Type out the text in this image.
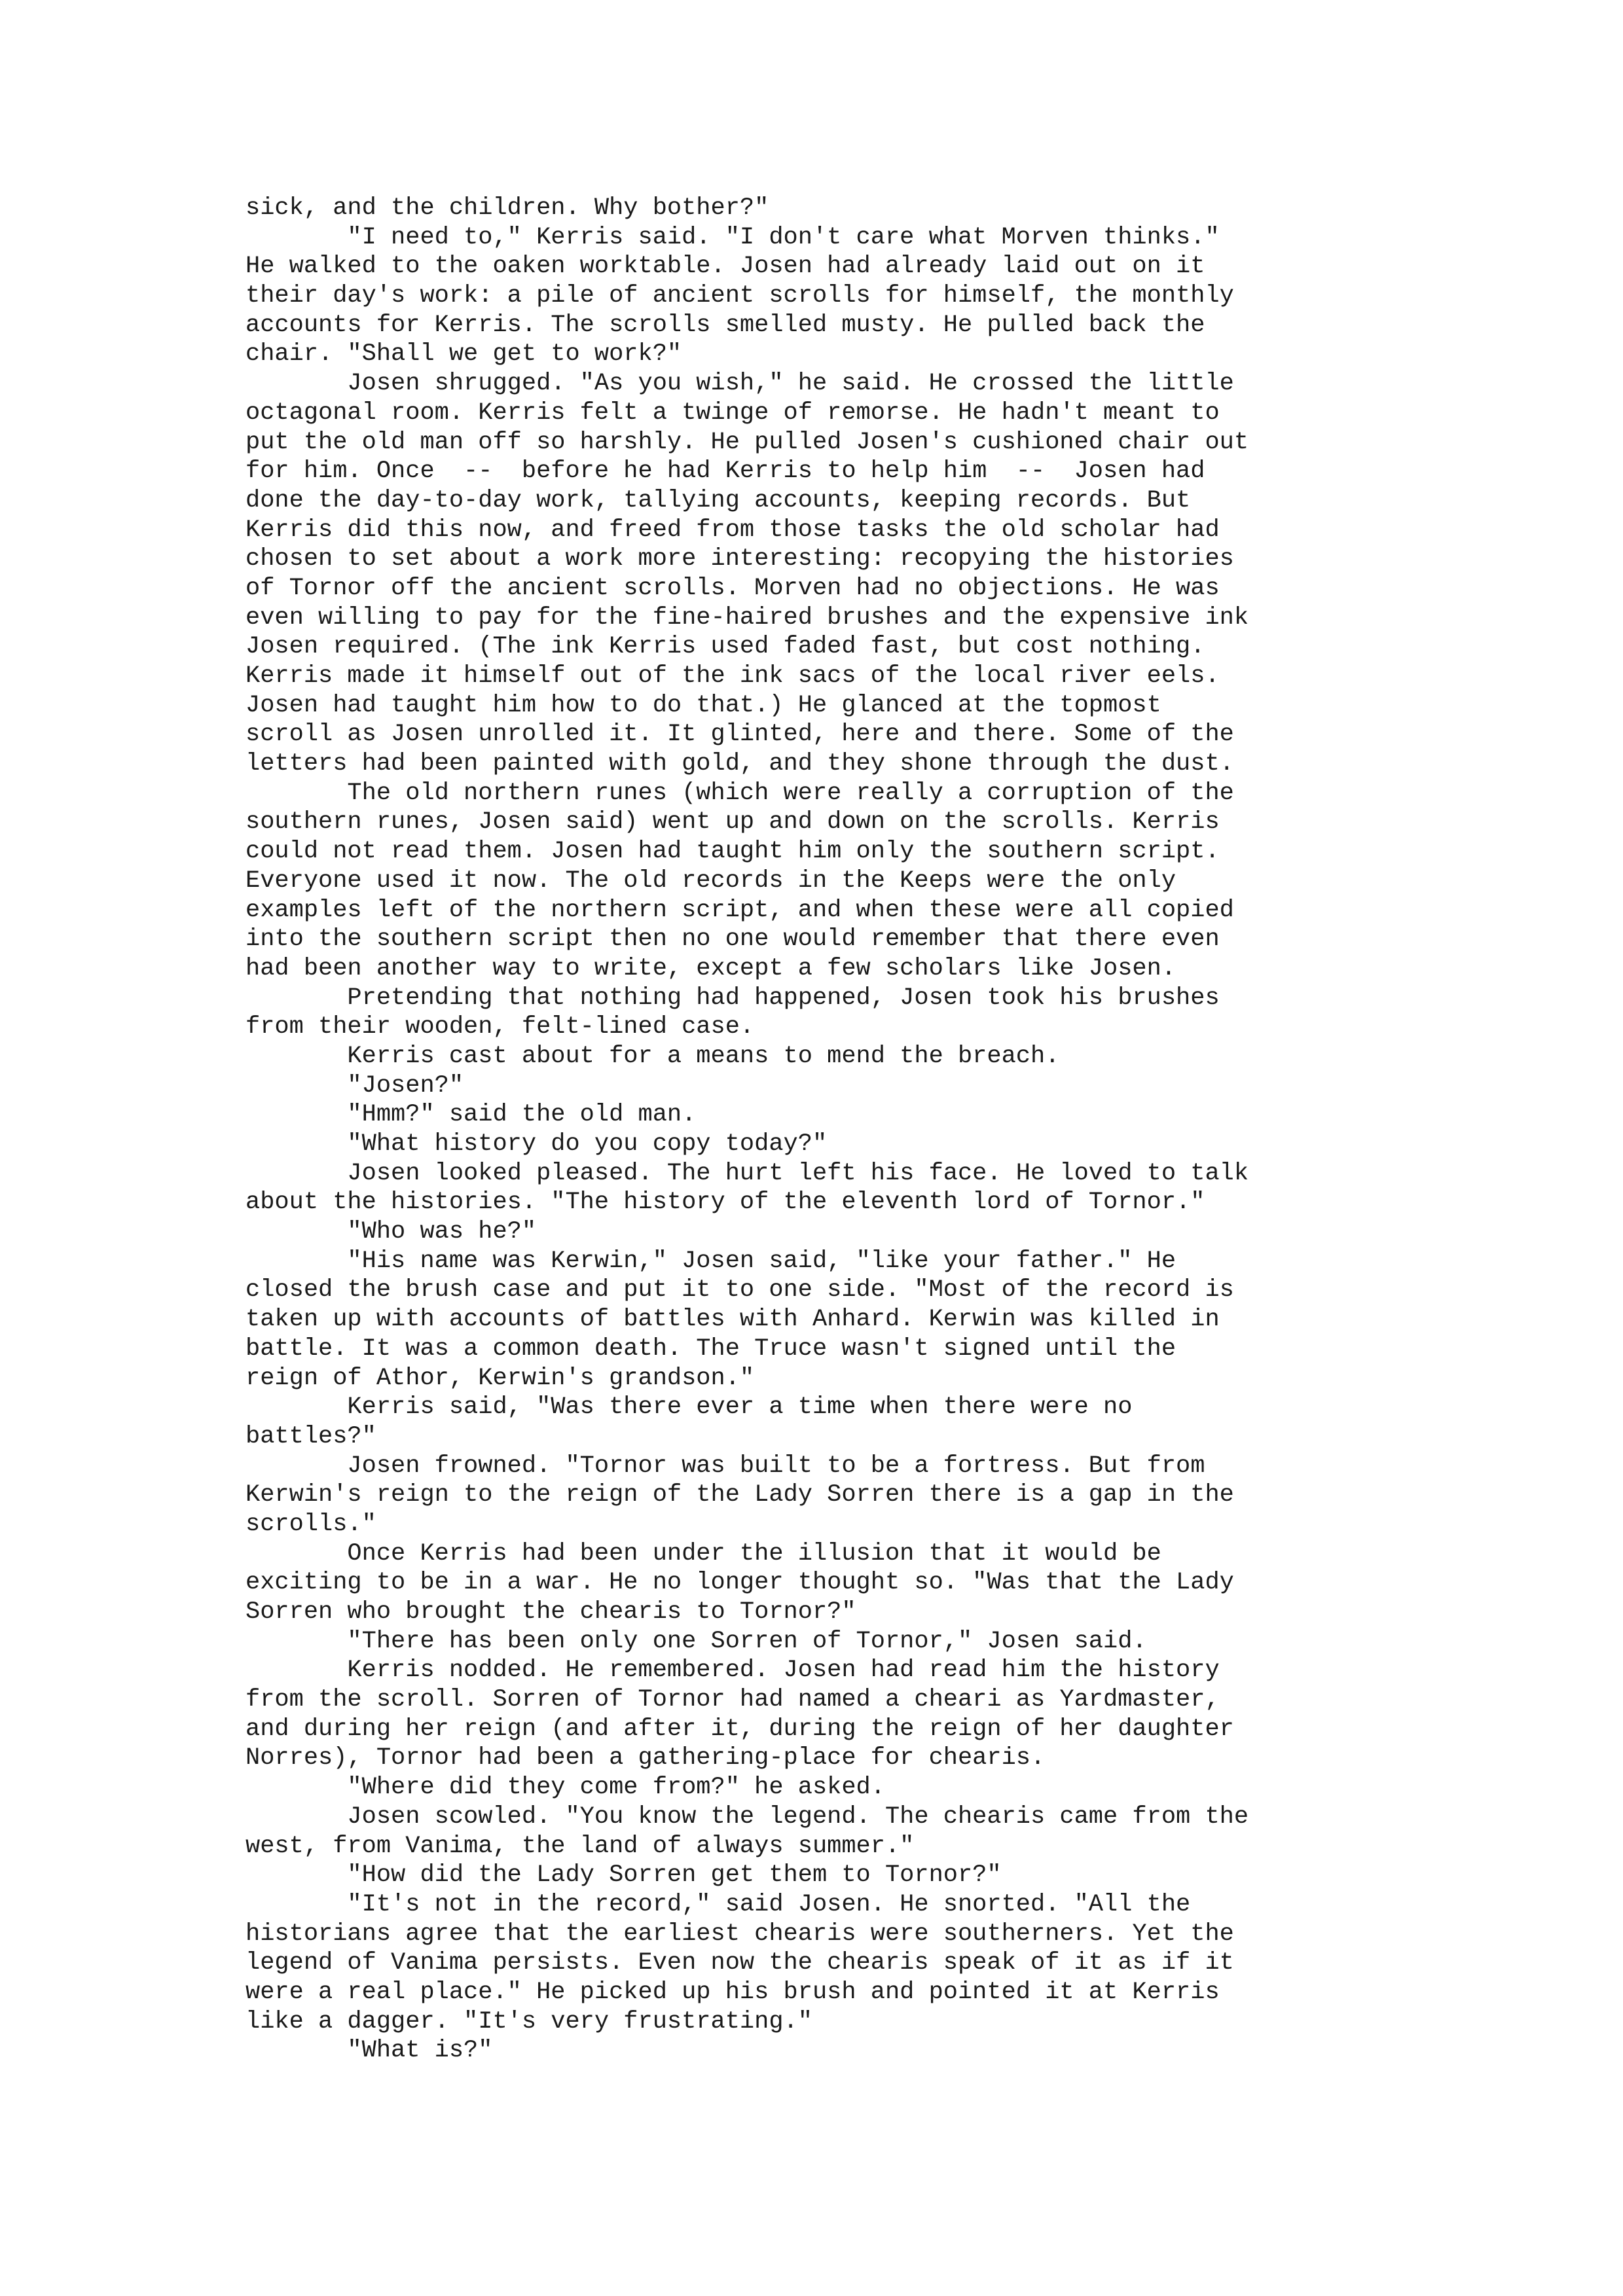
sick, and the children. Why bother?"
"I need to," Kerris said. "I don't care what Morven thinks."
He walked to the oaken worktable. Josen had already laid out on it
their day's work: a pile of ancient scrolls for himself, the monthly
accounts for Kerris. The scrolls smelled musty. He pulled back the
chair. "Shall we get to work?"
Josen shrugged. "As you wish," he said. He crossed the little
octagonal room. Kerris felt a twinge of remorse. He hadn't meant to
put the old man off so harshly. He pulled Josen's cushioned chair out
for him. Once  --  before he had Kerris to help him  --  Josen had
done the day-to-day work, tallying accounts, keeping records. But
Kerris did this now, and freed from those tasks the old scholar had
chosen to set about a work more interesting: recopying the histories
of Tornor off the ancient scrolls. Morven had no objections. He was
even willing to pay for the fine-haired brushes and the expensive ink
Josen required. (The ink Kerris used faded fast, but cost nothing.
Kerris made it himself out of the ink sacs of the local river eels.
Josen had taught him how to do that.) He glanced at the topmost
scroll as Josen unrolled it. It glinted, here and there. Some of the
letters had been painted with gold, and they shone through the dust.
The old northern runes (which were really a corruption of the
southern runes, Josen said) went up and down on the scrolls. Kerris
could not read them. Josen had taught him only the southern script.
Everyone used it now. The old records in the Keeps were the only
examples left of the northern script, and when these were all copied
into the southern script then no one would remember that there even
had been another way to write, except a few scholars like Josen.
Pretending that nothing had happened, Josen took his brushes
from their wooden, felt-lined case.
Kerris cast about for a means to mend the breach.
"Josen?"
"Hmm?" said the old man.
"What history do you copy today?"
Josen looked pleased. The hurt left his face. He loved to talk
about the histories. "The history of the eleventh lord of Tornor."
"Who was he?"
"His name was Kerwin," Josen said, "like your father." He
closed the brush case and put it to one side. "Most of the record is
taken up with accounts of battles with Anhard. Kerwin was killed in
battle. It was a common death. The Truce wasn't signed until the
reign of Athor, Kerwin's grandson."
Kerris said, "Was there ever a time when there were no
battles?"
Josen frowned. "Tornor was built to be a fortress. But from
Kerwin's reign to the reign of the Lady Sorren there is a gap in the
scrolls."
Once Kerris had been under the illusion that it would be
exciting to be in a war. He no longer thought so. "Was that the Lady
Sorren who brought the chearis to Tornor?"
"There has been only one Sorren of Tornor," Josen said.
Kerris nodded. He remembered. Josen had read him the history
from the scroll. Sorren of Tornor had named a cheari as Yardmaster,
and during her reign (and after it, during the reign of her daughter
Norres), Tornor had been a gathering-place for chearis.
"Where did they come from?" he asked.
Josen scowled. "You know the legend. The chearis came from the
west, from Vanima, the land of always summer."
"How did the Lady Sorren get them to Tornor?"
"It's not in the record," said Josen. He snorted. "All the
historians agree that the earliest chearis were southerners. Yet the
legend of Vanima persists. Even now the chearis speak of it as if it
were a real place." He picked up his brush and pointed it at Kerris
like a dagger. "It's very frustrating."
"What is?"
